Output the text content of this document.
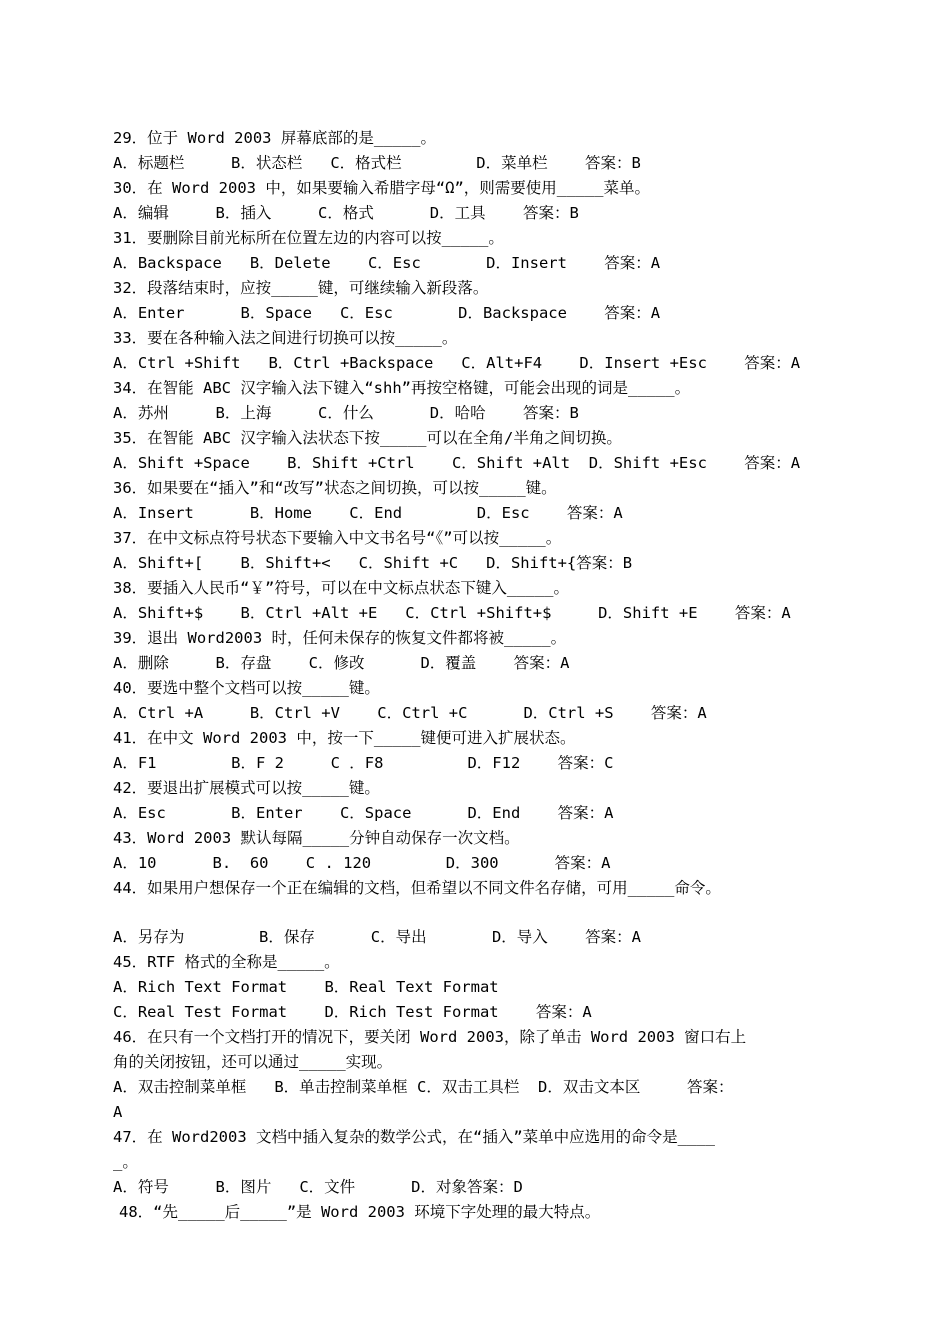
29．位于 Word 2003 屏幕底部的是_____。
A．标题栏     B．状态栏   C．格式栏        D．菜单栏    答案：B
30．在 Word 2003 中，如果要输入希腊字母“Ω”，则需要使用_____菜单。
A．编辑     B．插入     C．格式      D．工具    答案：B
31．要删除目前光标所在位置左边的内容可以按_____。
A．Backspace   B．Delete    C．Esc       D．Insert    答案：A
32．段落结束时，应按_____键，可继续输入新段落。
A．Enter      B．Space   C．Esc       D．Backspace    答案：A
33．要在各种输入法之间进行切换可以按_____。
A．Ctrl +Shift   B．Ctrl +Backspace   C．Alt+F4    D．Insert +Esc    答案：A
34．在智能 ABC 汉字输入法下键入“shh”再按空格键，可能会出现的词是_____。
A．苏州     B．上海     C．什么      D．哈哈    答案：B
35．在智能 ABC 汉字输入法状态下按_____可以在全角/半角之间切换。
A．Shift +Space    B．Shift +Ctrl    C．Shift +Alt  D．Shift +Esc    答案：A
36．如果要在“插入”和“改写”状态之间切换，可以按_____键。
A．Insert      B．Home    C．End        D．Esc    答案：A
37．在中文标点符号状态下要输入中文书名号“《”可以按_____。
A．Shift+[    B．Shift+<   C．Shift +C   D．Shift+{答案：B
38．要插入人民币“￥”符号，可以在中文标点状态下键入_____。
A．Shift+$    B．Ctrl +Alt +E   C．Ctrl +Shift+$     D．Shift +E    答案：A
39．退出 Word2003 时，任何未保存的恢复文件都将被_____。
A．删除     B．存盘    C．修改      D．覆盖    答案：A
40．要选中整个文档可以按_____键。
A．Ctrl +A     B．Ctrl +V    C．Ctrl +C      D．Ctrl +S    答案：A
41．在中文 Word 2003 中，按一下_____键便可进入扩展状态。
A．F1        B．F 2     C ．F8         D．F12    答案：C
42．要退出扩展模式可以按_____键。
A．Esc       B．Enter    C．Space      D．End    答案：A
43．Word 2003 默认每隔_____分钟自动保存一次文档。
A．10      B.  60    C . 120        D．300      答案：A
44．如果用户想保存一个正在编辑的文档，但希望以不同文件名存储，可用_____命令。
A．另存为        B．保存      C．导出       D．导入    答案：A
45．RTF 格式的全称是_____。
A．Rich Text Format    B．Real Text Format
C．Real Test Format    D．Rich Test Format    答案：A
46．在只有一个文档打开的情况下，要关闭 Word 2003，除了单击 Word 2003 窗口右上
角的关闭按钮，还可以通过_____实现。
A．双击控制菜单框   B．单击控制菜单框 C．双击工具栏  D．双击文本区     答案：
A
47．在 Word2003 文档中插入复杂的数学公式，在“插入”菜单中应选用的命令是____
_。
A．符号     B．图片   C．文件      D．对象答案：D
48．“先_____后_____”是 Word 2003 环境下字处理的最大特点。
